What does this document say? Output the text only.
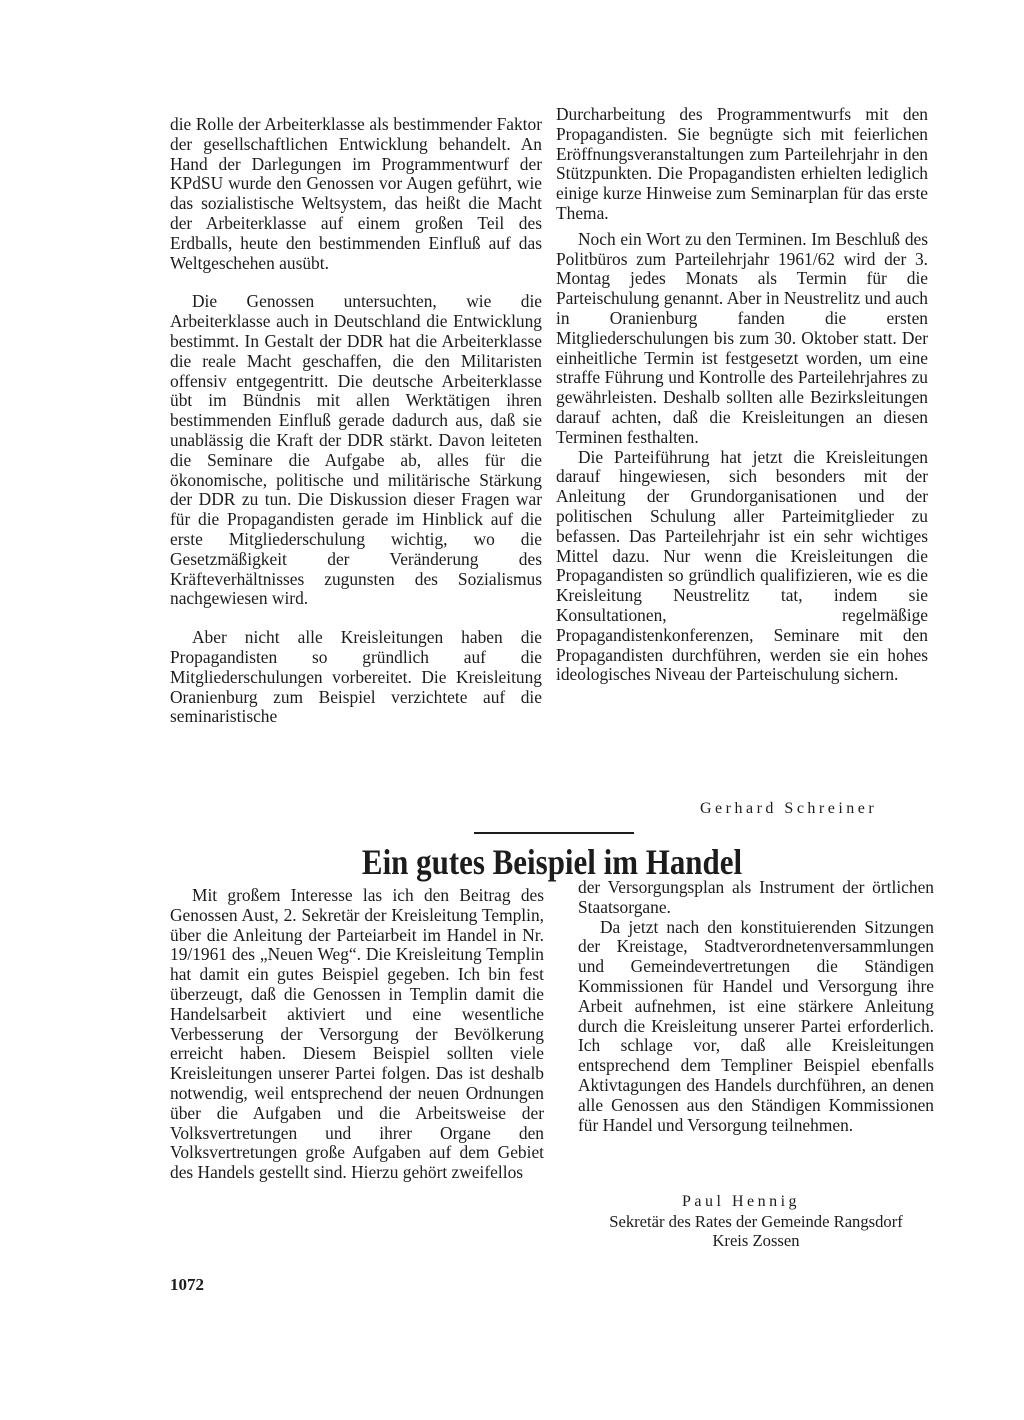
die Rolle der Arbeiterklasse als bestimmender Faktor der gesellschaftlichen Entwicklung behandelt. An Hand der Darlegungen im Programmentwurf der KPdSU wurde den Genossen vor Augen geführt, wie das sozialistische Weltsystem, das heißt die Macht der Arbeiterklasse auf einem großen Teil des Erdballs, heute den bestimmenden Einfluß auf das Weltgeschehen ausübt.

Die Genossen untersuchten, wie die Arbeiterklasse auch in Deutschland die Entwicklung bestimmt. In Gestalt der DDR hat die Arbeiterklasse die reale Macht geschaffen, die den Militaristen offensiv entgegentritt. Die deutsche Arbeiterklasse übt im Bündnis mit allen Werktätigen ihren bestimmenden Einfluß gerade dadurch aus, daß sie unablässig die Kraft der DDR stärkt. Davon leiteten die Seminare die Aufgabe ab, alles für die ökonomische, politische und militärische Stärkung der DDR zu tun. Die Diskussion dieser Fragen war für die Propagandisten gerade im Hinblick auf die erste Mitgliederschulung wichtig, wo die Gesetzmäßigkeit der Veränderung des Kräfteverhältnisses zugunsten des Sozialismus nachgewiesen wird.

Aber nicht alle Kreisleitungen haben die Propagandisten so gründlich auf die Mitgliederschulungen vorbereitet. Die Kreisleitung Oranienburg zum Beispiel verzichtete auf die seminaristische

Durcharbeitung des Programmentwurfs mit den Propagandisten. Sie begnügte sich mit feierlichen Eröffnungsveranstaltungen zum Parteilehrjahr in den Stützpunkten. Die Propagandisten erhielten lediglich einige kurze Hinweise zum Seminarplan für das erste Thema.

Noch ein Wort zu den Terminen. Im Beschluß des Politbüros zum Parteilehrjahr 1961/62 wird der 3. Montag jedes Monats als Termin für die Parteischulung genannt. Aber in Neustrelitz und auch in Oranienburg fanden die ersten Mitgliederschulungen bis zum 30. Oktober statt. Der einheitliche Termin ist festgesetzt worden, um eine straffe Führung und Kontrolle des Parteilehrjahres zu gewährleisten. Deshalb sollten alle Bezirksleitungen darauf achten, daß die Kreisleitungen an diesen Terminen festhalten.

Die Parteiführung hat jetzt die Kreisleitungen darauf hingewiesen, sich besonders mit der Anleitung der Grundorganisationen und der politischen Schulung aller Parteimitglieder zu befassen. Das Parteilehrjahr ist ein sehr wichtiges Mittel dazu. Nur wenn die Kreisleitungen die Propagandisten so gründlich qualifizieren, wie es die Kreisleitung Neustrelitz tat, indem sie Konsultationen, regelmäßige Propagandistenkonferenzen, Seminare mit den Propagandisten durchführen, werden sie ein hohes ideologisches Niveau der Parteischulung sichern.

Gerhard Schreiner
Ein gutes Beispiel im Handel

Mit großem Interesse las ich den Beitrag des Genossen Aust, 2. Sekretär der Kreisleitung Templin, über die Anleitung der Parteiarbeit im Handel in Nr. 19/1961 des „Neuen Weg“. Die Kreisleitung Templin hat damit ein gutes Beispiel gegeben. Ich bin fest überzeugt, daß die Genossen in Templin damit die Handelsarbeit aktiviert und eine wesentliche Verbesserung der Versorgung der Bevölkerung erreicht haben. Diesem Beispiel sollten viele Kreisleitungen unserer Partei folgen. Das ist deshalb notwendig, weil entsprechend der neuen Ordnungen über die Aufgaben und die Arbeitsweise der Volksvertretungen und ihrer Organe den Volksvertretungen große Aufgaben auf dem Gebiet des Handels gestellt sind. Hierzu gehört zweifellos

der Versorgungsplan als Instrument der örtlichen Staatsorgane.

Da jetzt nach den konstituierenden Sitzungen der Kreistage, Stadtverordnetenversammlungen und Gemeindevertretungen die Ständigen Kommissionen für Handel und Versorgung ihre Arbeit aufnehmen, ist eine stärkere Anleitung durch die Kreisleitung unserer Partei erforderlich. Ich schlage vor, daß alle Kreisleitungen entsprechend dem Templiner Beispiel ebenfalls Aktivtagungen des Handels durchführen, an denen alle Genossen aus den Ständigen Kommissionen für Handel und Versorgung teilnehmen.

Paul Hennig
Sekretär des Rates der Gemeinde Rangsdorf
Kreis Zossen
1072
